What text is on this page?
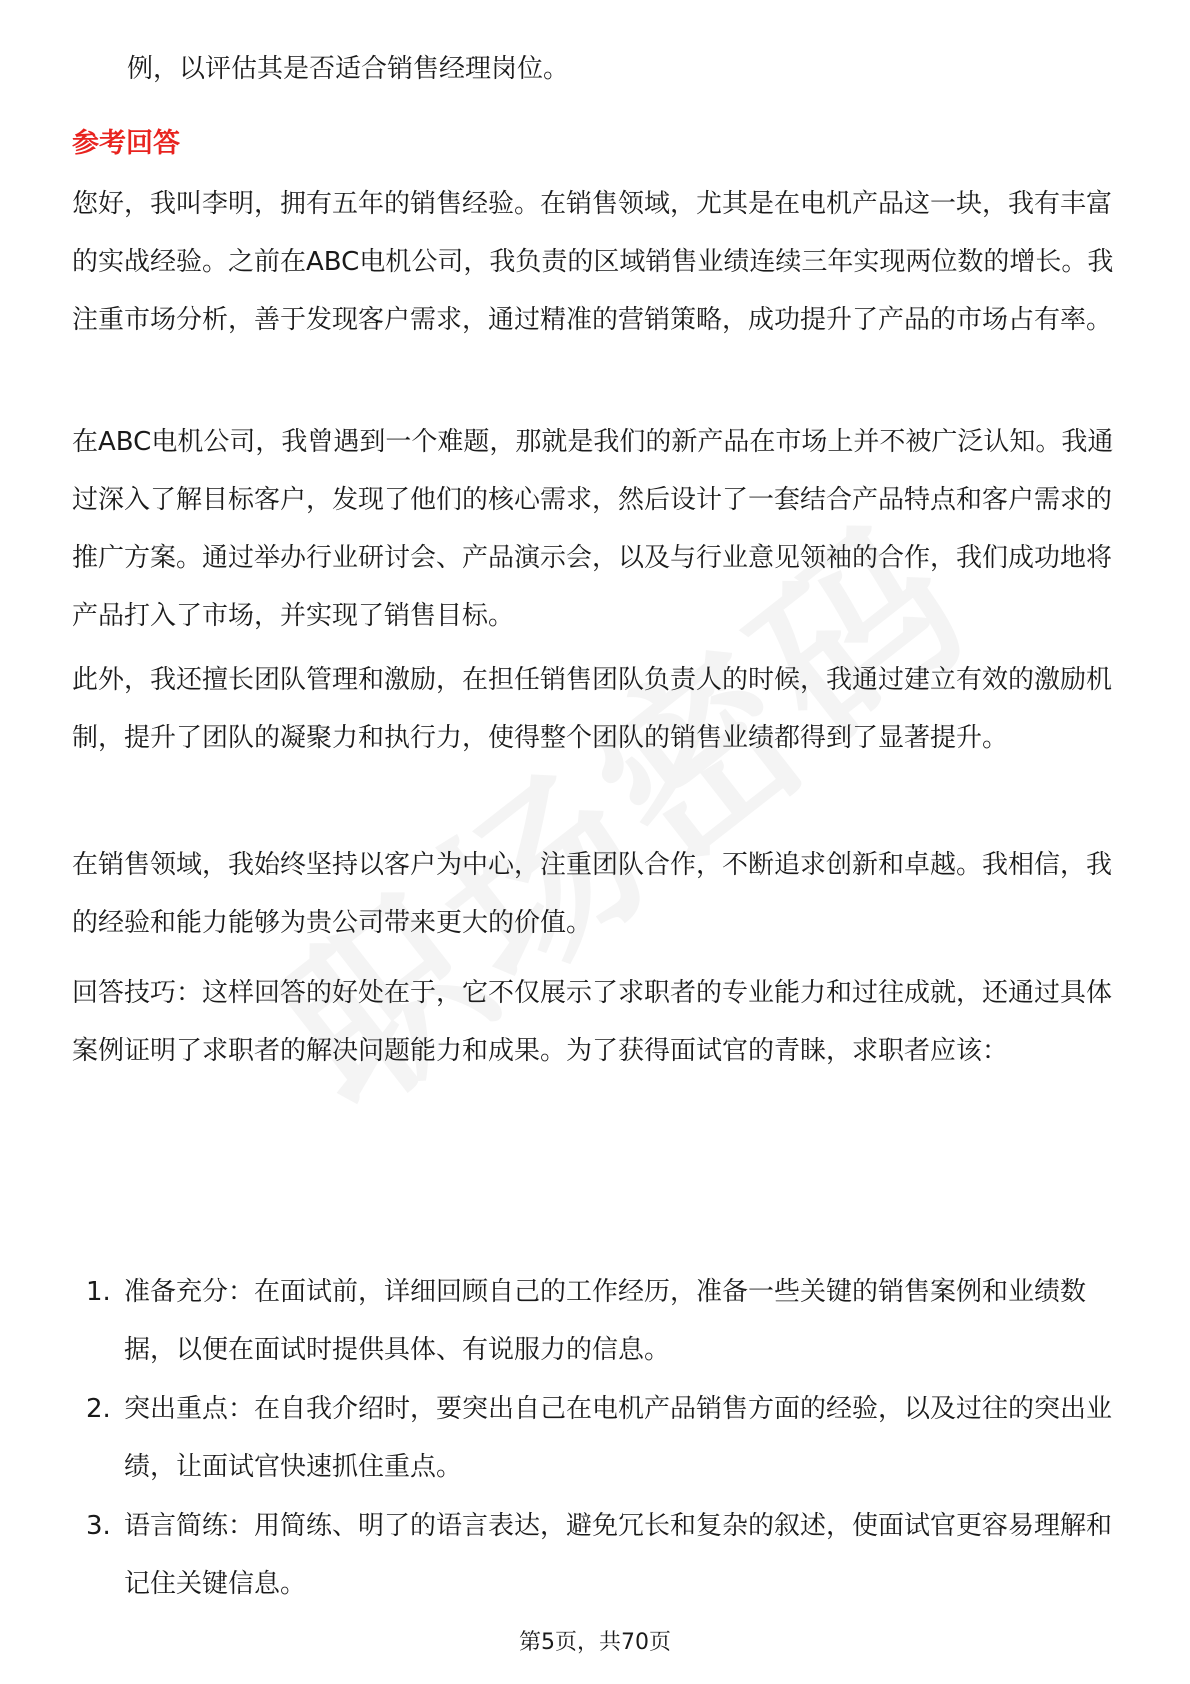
例，以评估其是否适合销售经理岗位。

参考回答

您好，我叫李明，拥有五年的销售经验。在销售领域，尤其是在电机产品这一块，我有丰富的实战经验。之前在ABC电机公司，我负责的区域销售业绩连续三年实现两位数的增长。我注重市场分析，善于发现客户需求，通过精准的营销策略，成功提升了产品的市场占有率。

在ABC电机公司，我曾遇到一个难题，那就是我们的新产品在市场上并不被广泛认知。我通过深入了解目标客户，发现了他们的核心需求，然后设计了一套结合产品特点和客户需求的推广方案。通过举办行业研讨会、产品演示会，以及与行业意见领袖的合作，我们成功地将产品打入了市场，并实现了销售目标。

此外，我还擅长团队管理和激励，在担任销售团队负责人的时候，我通过建立有效的激励机制，提升了团队的凝聚力和执行力，使得整个团队的销售业绩都得到了显著提升。

在销售领域，我始终坚持以客户为中心，注重团队合作，不断追求创新和卓越。我相信，我的经验和能力能够为贵公司带来更大的价值。

回答技巧：这样回答的好处在于，它不仅展示了求职者的专业能力和过往成就，还通过具体案例证明了求职者的解决问题能力和成果。为了获得面试官的青睐，求职者应该：

1. 准备充分：在面试前，详细回顾自己的工作经历，准备一些关键的销售案例和业绩数据，以便在面试时提供具体、有说服力的信息。
2. 突出重点：在自我介绍时，要突出自己在电机产品销售方面的经验，以及过往的突出业绩，让面试官快速抓住重点。
3. 语言简练：用简练、明了的语言表达，避免冗长和复杂的叙述，使面试官更容易理解和记住关键信息。
第5页，共70页
